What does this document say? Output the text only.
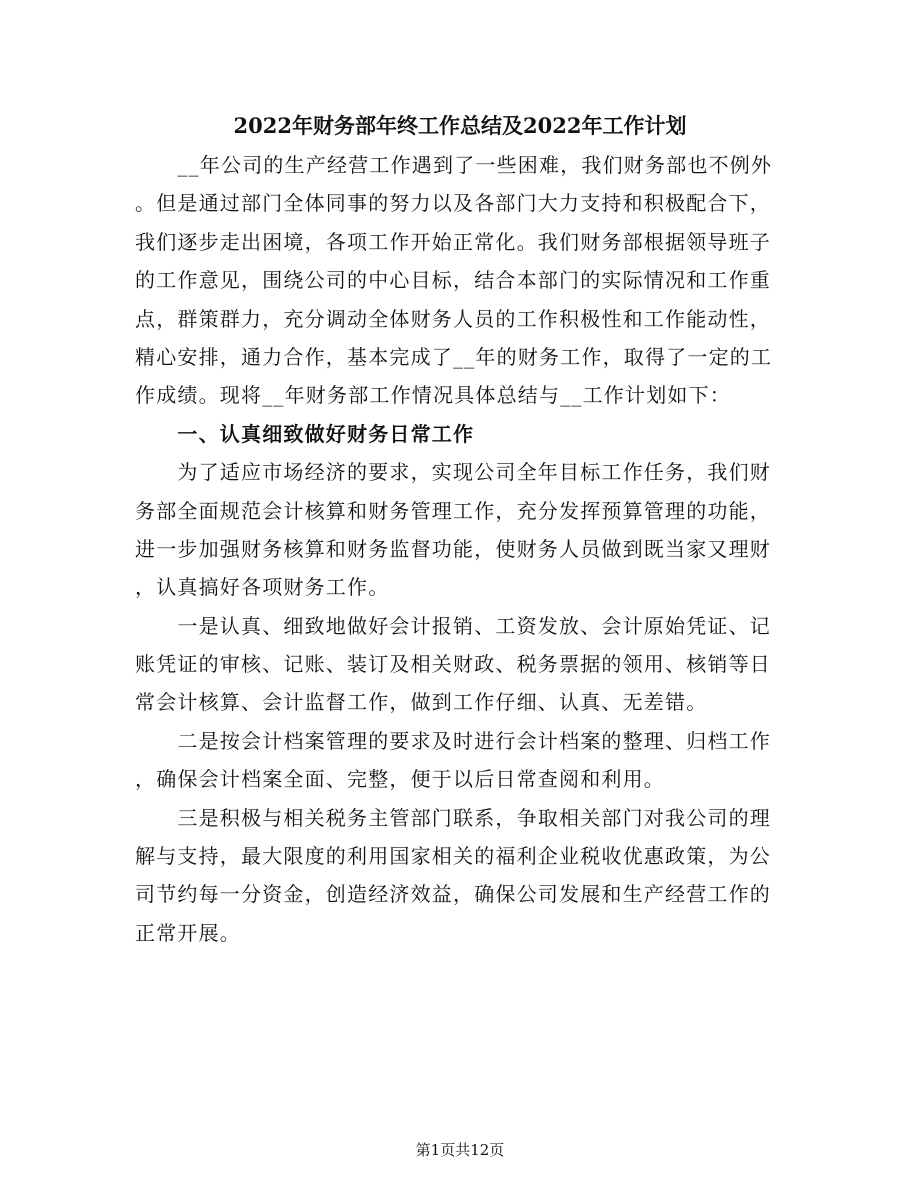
2022年财务部年终工作总结及2022年工作计划
　　__年公司的生产经营工作遇到了一些困难，我们财务部也不例外
。但是通过部门全体同事的努力以及各部门大力支持和积极配合下，
我们逐步走出困境，各项工作开始正常化。我们财务部根据领导班子
的工作意见，围绕公司的中心目标，结合本部门的实际情况和工作重
点，群策群力，充分调动全体财务人员的工作积极性和工作能动性，
精心安排，通力合作，基本完成了__年的财务工作，取得了一定的工
作成绩。现将__年财务部工作情况具体总结与__工作计划如下：
　　一、认真细致做好财务日常工作
　　为了适应市场经济的要求，实现公司全年目标工作任务，我们财
务部全面规范会计核算和财务管理工作，充分发挥预算管理的功能，
进一步加强财务核算和财务监督功能，使财务人员做到既当家又理财
，认真搞好各项财务工作。
　　一是认真、细致地做好会计报销、工资发放、会计原始凭证、记
账凭证的审核、记账、装订及相关财政、税务票据的领用、核销等日
常会计核算、会计监督工作，做到工作仔细、认真、无差错。
　　二是按会计档案管理的要求及时进行会计档案的整理、归档工作
，确保会计档案全面、完整，便于以后日常查阅和利用。
　　三是积极与相关税务主管部门联系，争取相关部门对我公司的理
解与支持，最大限度的利用国家相关的福利企业税收优惠政策，为公
司节约每一分资金，创造经济效益，确保公司发展和生产经营工作的
正常开展。
第1页共12页
